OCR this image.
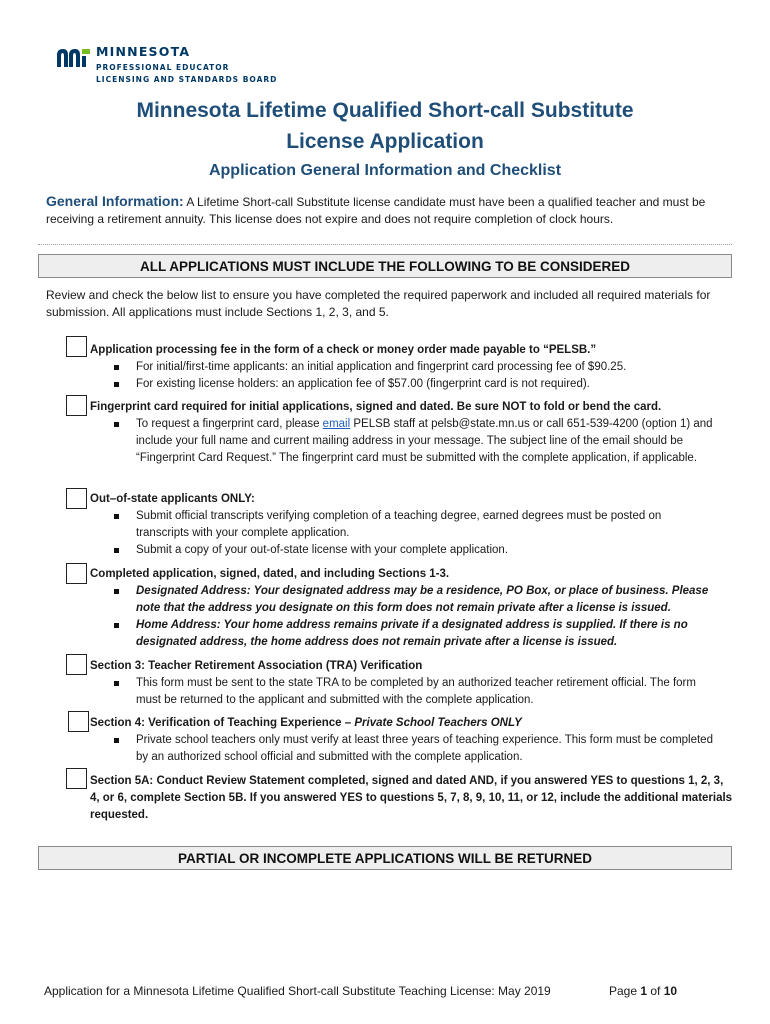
MINNESOTA
PROFESSIONAL EDUCATOR
LICENSING AND STANDARDS BOARD
Minnesota Lifetime Qualified Short-call Substitute
License Application
Application General Information and Checklist
General Information: A Lifetime Short-call Substitute license candidate must have been a qualified teacher and must be receiving a retirement annuity. This license does not expire and does not require completion of clock hours.
ALL APPLICATIONS MUST INCLUDE THE FOLLOWING TO BE CONSIDERED
Review and check the below list to ensure you have completed the required paperwork and included all required materials for submission. All applications must include Sections 1, 2, 3, and 5.
Application processing fee in the form of a check or money order made payable to “PELSB.”
For initial/first-time applicants: an initial application and fingerprint card processing fee of $90.25.
For existing license holders: an application fee of $57.00 (fingerprint card is not required).
Fingerprint card required for initial applications, signed and dated. Be sure NOT to fold or bend the card.
To request a fingerprint card, please email PELSB staff at pelsb@state.mn.us or call 651-539-4200 (option 1) and include your full name and current mailing address in your message. The subject line of the email should be “Fingerprint Card Request.” The fingerprint card must be submitted with the complete application, if applicable.
Out–of-state applicants ONLY:
Submit official transcripts verifying completion of a teaching degree, earned degrees must be posted on transcripts with your complete application.
Submit a copy of your out-of-state license with your complete application.
Completed application, signed, dated, and including Sections 1-3.
Designated Address: Your designated address may be a residence, PO Box, or place of business. Please note that the address you designate on this form does not remain private after a license is issued.
Home Address: Your home address remains private if a designated address is supplied. If there is no designated address, the home address does not remain private after a license is issued.
Section 3: Teacher Retirement Association (TRA) Verification
This form must be sent to the state TRA to be completed by an authorized teacher retirement official. The form must be returned to the applicant and submitted with the complete application.
Section 4: Verification of Teaching Experience – Private School Teachers ONLY
Private school teachers only must verify at least three years of teaching experience. This form must be completed by an authorized school official and submitted with the complete application.
Section 5A: Conduct Review Statement completed, signed and dated AND, if you answered YES to questions 1, 2, 3, 4, or 6, complete Section 5B. If you answered YES to questions 5, 7, 8, 9, 10, 11, or 12, include the additional materials requested.
PARTIAL OR INCOMPLETE APPLICATIONS WILL BE RETURNED
Application for a Minnesota Lifetime Qualified Short-call Substitute Teaching License: May 2019	Page 1 of 10
